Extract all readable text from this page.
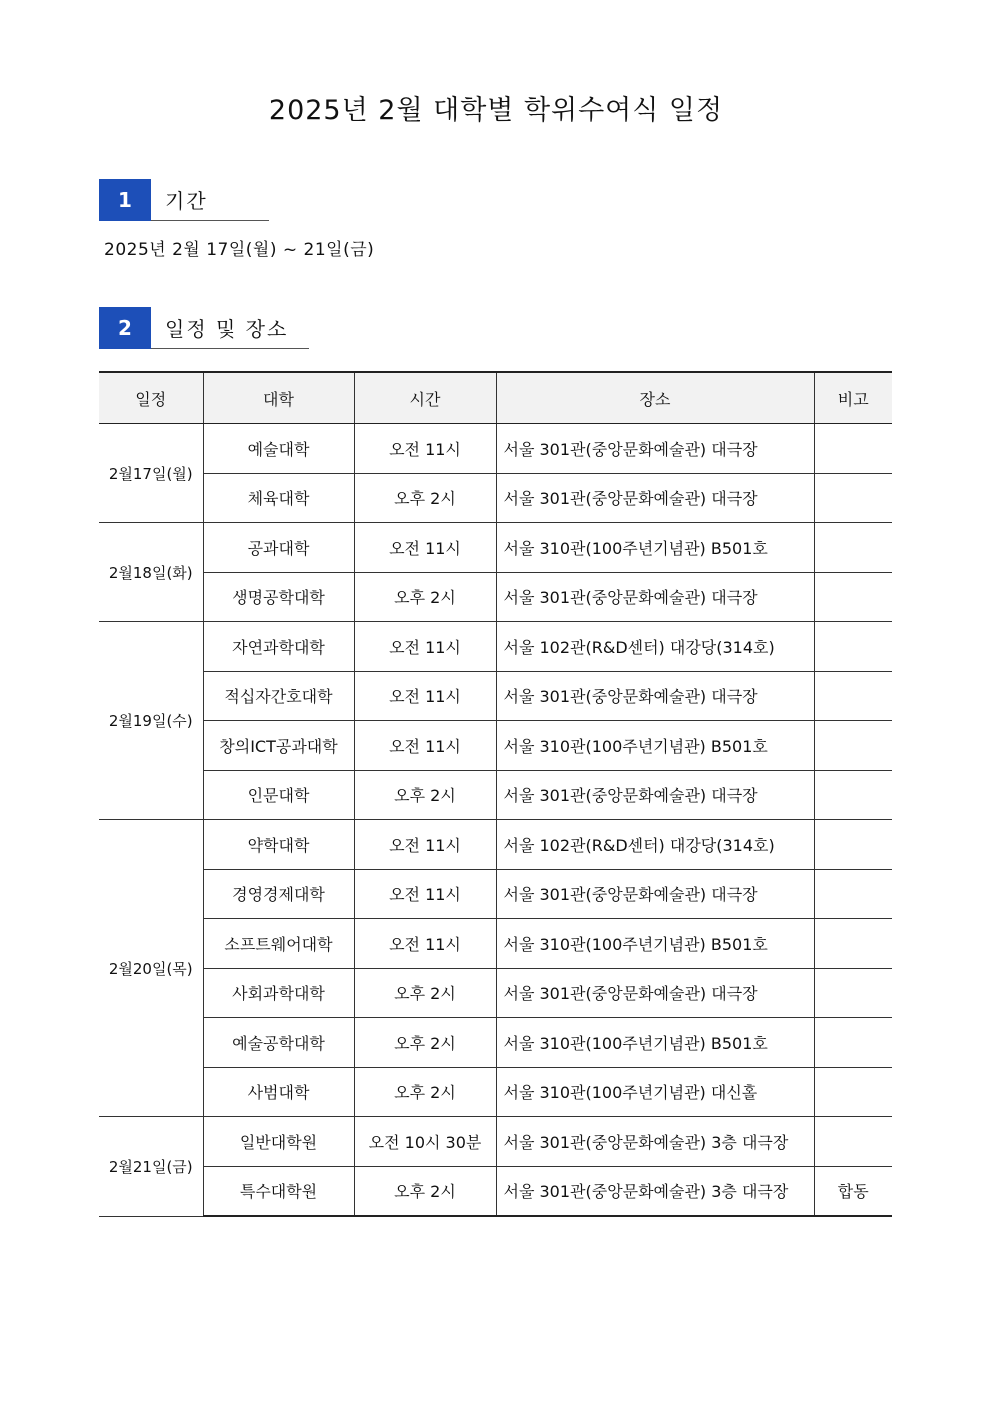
2025년 2월 대학별 학위수여식 일정
1	기간
2025년 2월 17일(월) ~ 21일(금)
2	일정 및 장소
일정	대학	시간	장소	비고
2월17일(월)	예술대학	오전 11시	서울 301관(중앙문화예술관) 대극장	
	체육대학	오후 2시	서울 301관(중앙문화예술관) 대극장	
2월18일(화)	공과대학	오전 11시	서울 310관(100주년기념관) B501호	
	생명공학대학	오후 2시	서울 301관(중앙문화예술관) 대극장	
2월19일(수)	자연과학대학	오전 11시	서울 102관(R&D센터) 대강당(314호)	
	적십자간호대학	오전 11시	서울 301관(중앙문화예술관) 대극장	
	창의ICT공과대학	오전 11시	서울 310관(100주년기념관) B501호	
	인문대학	오후 2시	서울 301관(중앙문화예술관) 대극장	
2월20일(목)	약학대학	오전 11시	서울 102관(R&D센터) 대강당(314호)	
	경영경제대학	오전 11시	서울 301관(중앙문화예술관) 대극장	
	소프트웨어대학	오전 11시	서울 310관(100주년기념관) B501호	
	사회과학대학	오후 2시	서울 301관(중앙문화예술관) 대극장	
	예술공학대학	오후 2시	서울 310관(100주년기념관) B501호	
	사범대학	오후 2시	서울 310관(100주년기념관) 대신홀	
2월21일(금)	일반대학원	오전 10시 30분	서울 301관(중앙문화예술관) 3층 대극장	
	특수대학원	오후 2시	서울 301관(중앙문화예술관) 3층 대극장	합동
